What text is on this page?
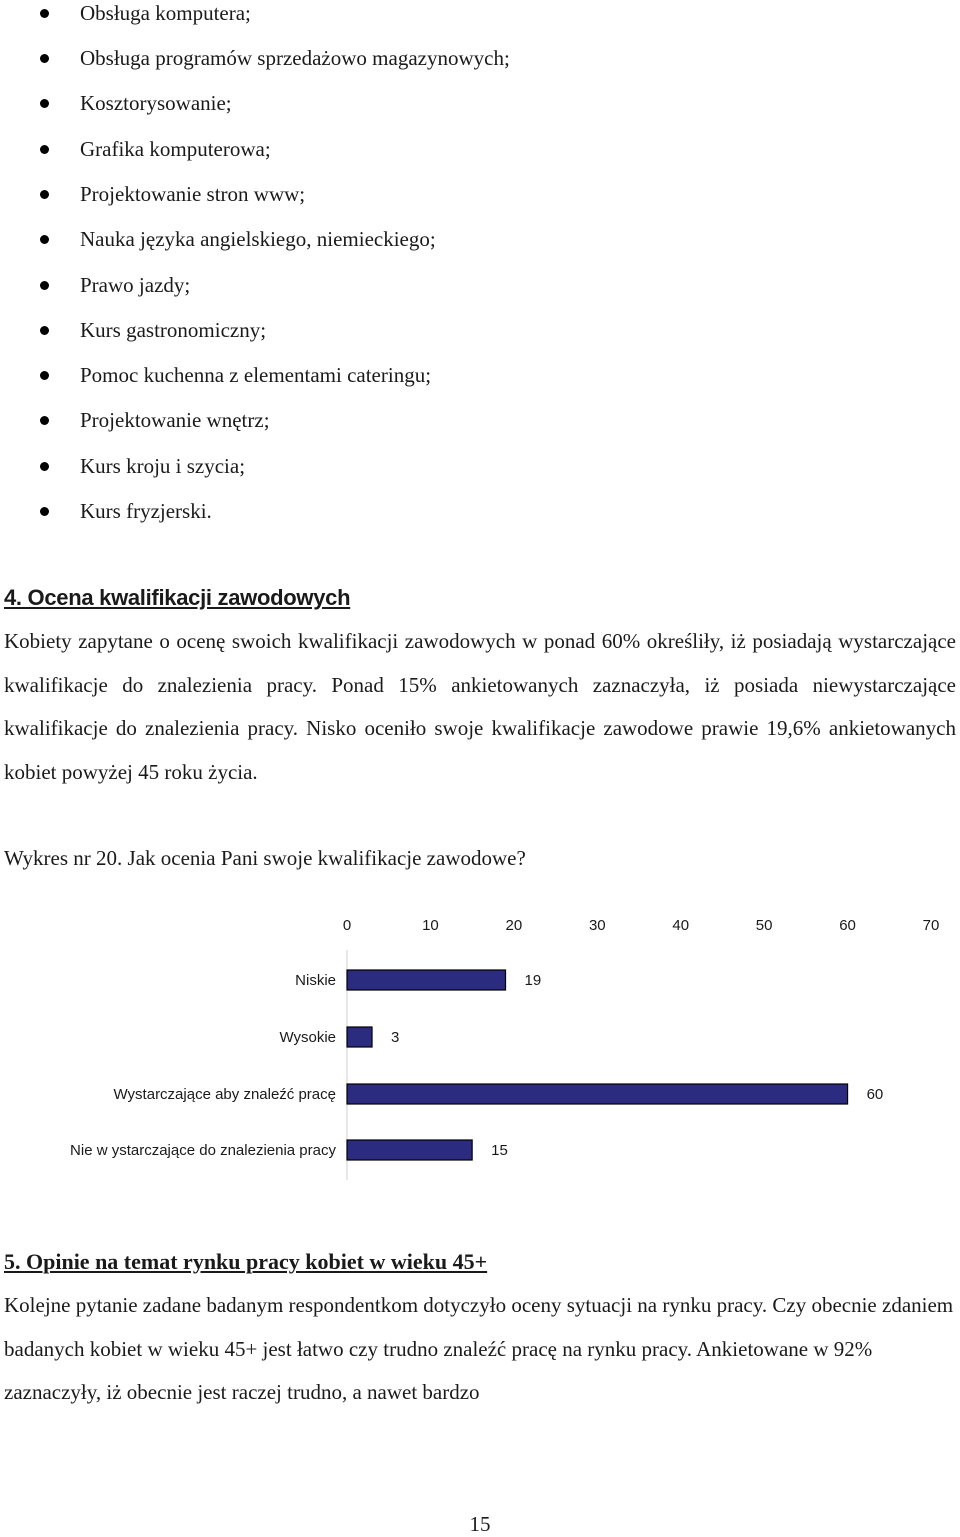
Obsługa komputera;
Obsługa programów sprzedażowo magazynowych;
Kosztorysowanie;
Grafika komputerowa;
Projektowanie stron www;
Nauka języka angielskiego, niemieckiego;
Prawo jazdy;
Kurs gastronomiczny;
Pomoc kuchenna z elementami cateringu;
Projektowanie wnętrz;
Kurs kroju i szycia;
Kurs fryzjerski.
4. Ocena kwalifikacji zawodowych

Kobiety zapytane o ocenę swoich kwalifikacji zawodowych w ponad 60% określiły, iż posiadają wystarczające kwalifikacje do znalezienia pracy. Ponad 15% ankietowanych zaznaczyła, iż posiada niewystarczające kwalifikacje do znalezienia pracy. Nisko oceniło swoje kwalifikacje zawodowe prawie 19,6% ankietowanych kobiet powyżej 45 roku życia.

Wykres nr 20. Jak ocenia Pani swoje kwalifikacje zawodowe?
0	10	20	30	40	50	60	70
Niskie	19
Wysokie	3
Wystarczające aby znaleźć pracę	60
Nie w ystarczające do znalezienia pracy	15
5. Opinie na temat rynku pracy kobiet w wieku 45+

Kolejne pytanie zadane badanym respondentkom dotyczyło oceny sytuacji na rynku pracy. Czy obecnie zdaniem badanych kobiet w wieku 45+ jest łatwo czy trudno znaleźć pracę na rynku pracy. Ankietowane w 92% zaznaczyły, iż obecnie jest raczej trudno, a nawet bardzo

15
